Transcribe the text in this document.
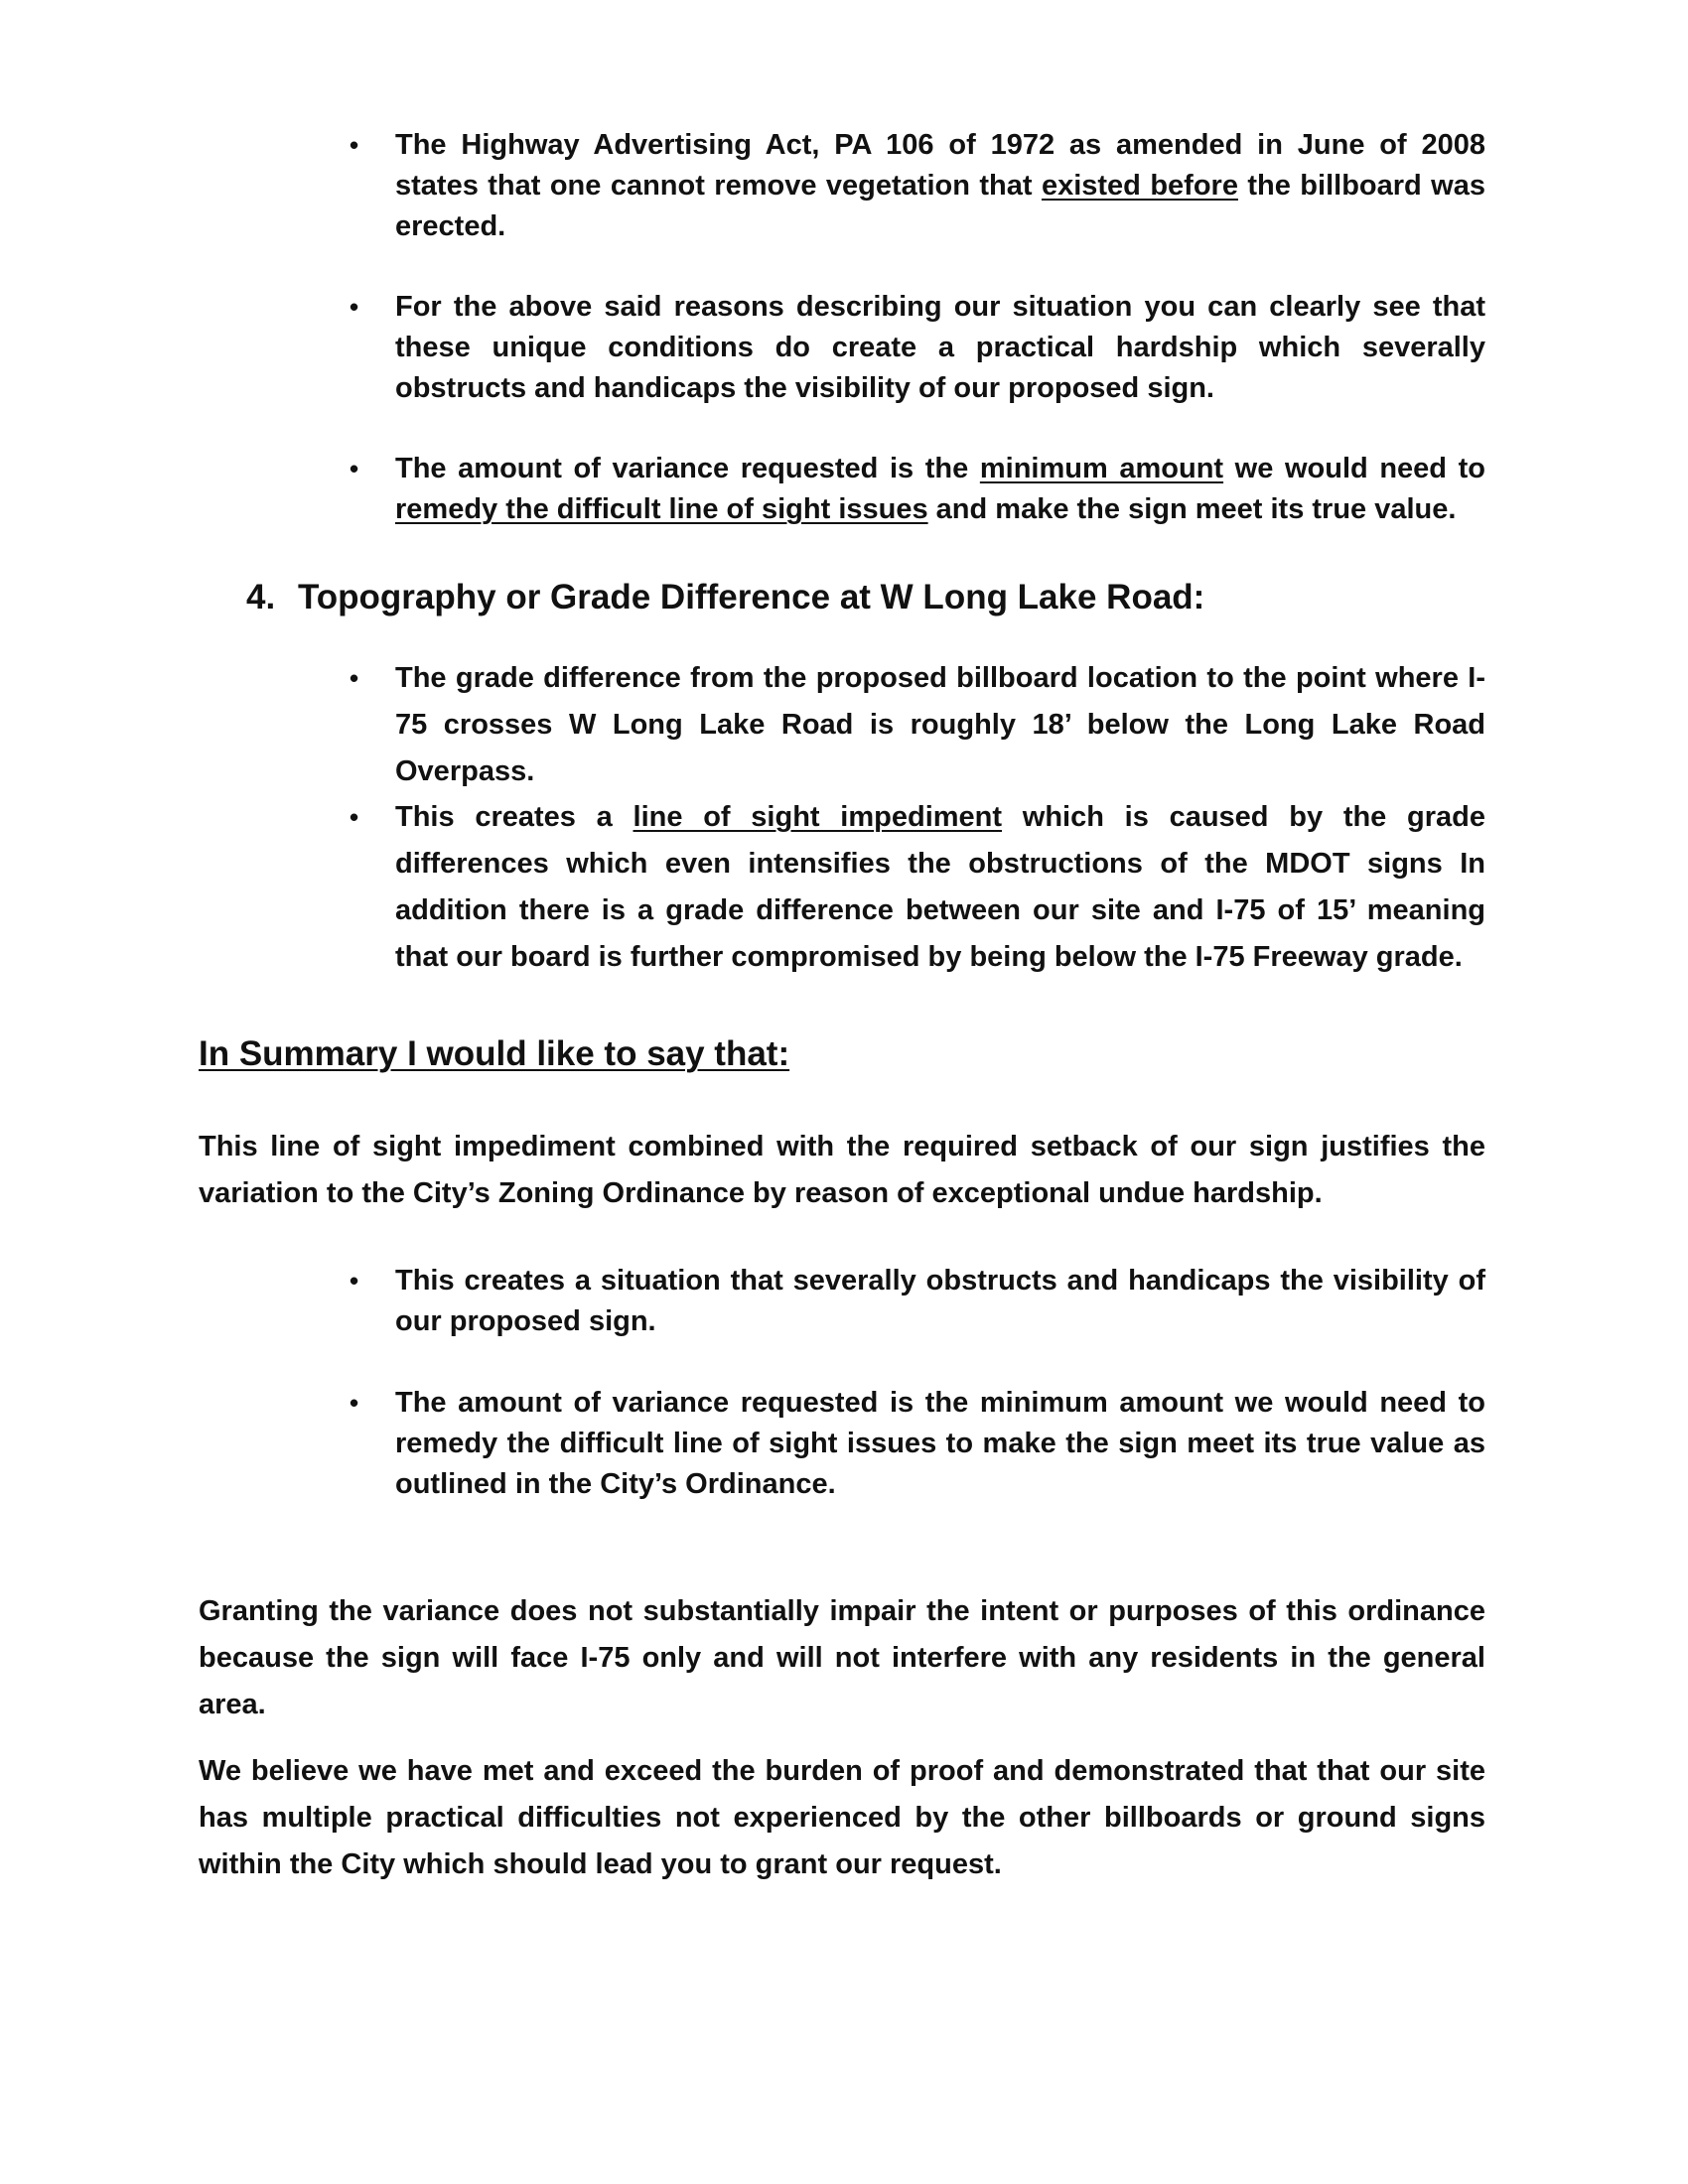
• The Highway Advertising Act, PA 106 of 1972 as amended in June of 2008 states that one cannot remove vegetation that existed before the billboard was erected.
• For the above said reasons describing our situation you can clearly see that these unique conditions do create a practical hardship which severally obstructs and handicaps the visibility of our proposed sign.
• The amount of variance requested is the minimum amount we would need to remedy the difficult line of sight issues and make the sign meet its true value.
4. Topography or Grade Difference at W Long Lake Road:
• The grade difference from the proposed billboard location to the point where I-75 crosses W Long Lake Road is roughly 18’ below the Long Lake Road Overpass.
• This creates a line of sight impediment which is caused by the grade differences which even intensifies the obstructions of the MDOT signs In addition there is a grade difference between our site and I-75 of 15’ meaning that our board is further compromised by being below the I-75 Freeway grade.
In Summary I would like to say that:
This line of sight impediment combined with the required setback of our sign justifies the variation to the City’s Zoning Ordinance by reason of exceptional undue hardship.
• This creates a situation that severally obstructs and handicaps the visibility of our proposed sign.
• The amount of variance requested is the minimum amount we would need to remedy the difficult line of sight issues to make the sign meet its true value as outlined in the City’s Ordinance.
Granting the variance does not substantially impair the intent or purposes of this ordinance because the sign will face I-75 only and will not interfere with any residents in the general area.
We believe we have met and exceed the burden of proof and demonstrated that that our site has multiple practical difficulties not experienced by the other billboards or ground signs within the City which should lead you to grant our request.
